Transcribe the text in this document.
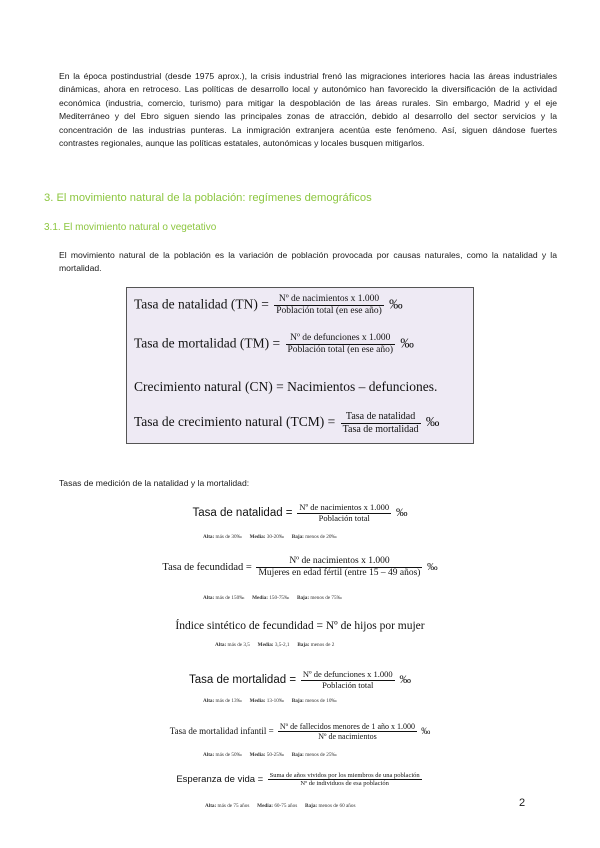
En la época postindustrial (desde 1975 aprox.), la crisis industrial frenó las migraciones interiores hacia las áreas industriales dinámicas, ahora en retroceso. Las políticas de desarrollo local y autonómico han favorecido la diversificación de la actividad económica (industria, comercio, turismo) para mitigar la despoblación de las áreas rurales. Sin embargo, Madrid y el eje Mediterráneo y del Ebro siguen siendo las principales zonas de atracción, debido al desarrollo del sector servicios y la concentración de las industrias punteras. La inmigración extranjera acentúa este fenómeno. Así, siguen dándose fuertes contrastes regionales, aunque las políticas estatales, autonómicas y locales busquen mitigarlos.

3. El movimiento natural de la población: regímenes demográficos
3.1. El movimiento natural o vegetativo

El movimiento natural de la población es la variación de población provocada por causas naturales, como la natalidad y la mortalidad.

Tasa de natalidad $(TN) = \frac{\text{Nº de nacimientos x 1.000}}{\text{Población total (en ese año)}}$ ‰
Tasa de mortalidad $(TM) = \frac{\text{Nº de defunciones x 1.000}}{\text{Población total (en ese año)}}$ ‰
Crecimiento natural (CN) = Nacimientos – defunciones.
Tasa de crecimiento natural $(TCM) = \frac{\text{Tasa de natalidad}}{\text{Tasa de mortalidad}}$ ‰
Tasas de medición de la natalidad y la mortalidad:
Tasa de natalidad = $\frac{\text{Nº de nacimientos x 1.000}}{\text{Población total}}$ ‰
Alta: más de 30‰ Media: 30-20‰ Baja: menos de 20‰
Tasa de fecundidad = $\frac{\text{Nº de nacimientos x 1.000}}{\text{Mujeres en edad fértil (entre 15 – 49 años)}}$ ‰
Alta: más de 150‰ Media: 150-75‰ Baja: menos de 75‰
Índice sintético de fecundidad = Nº de hijos por mujer
Alta: más de 3,5 Media: 3,5-2,1 Baja: menos de 2
Tasa de mortalidad = $\frac{\text{Nº de defunciones x 1.000}}{\text{Población total}}$ ‰
Alta: más de 13‰ Media: 13-10‰ Baja: menos de 10‰
Tasa de mortalidad infantil = $\frac{\text{Nº de fallecidos menores de 1 año x 1.000}}{\text{Nº de nacimientos}}$ ‰
Alta: más de 50‰ Media: 50-25‰ Baja: menos de 25‰
Esperanza de vida = $\frac{\text{Suma de años vividos por los miembros de una población}}{\text{Nº de individuos de esa población}}$
Alta: más de 75 años Media: 60-75 años Baja: menos de 60 años	2
